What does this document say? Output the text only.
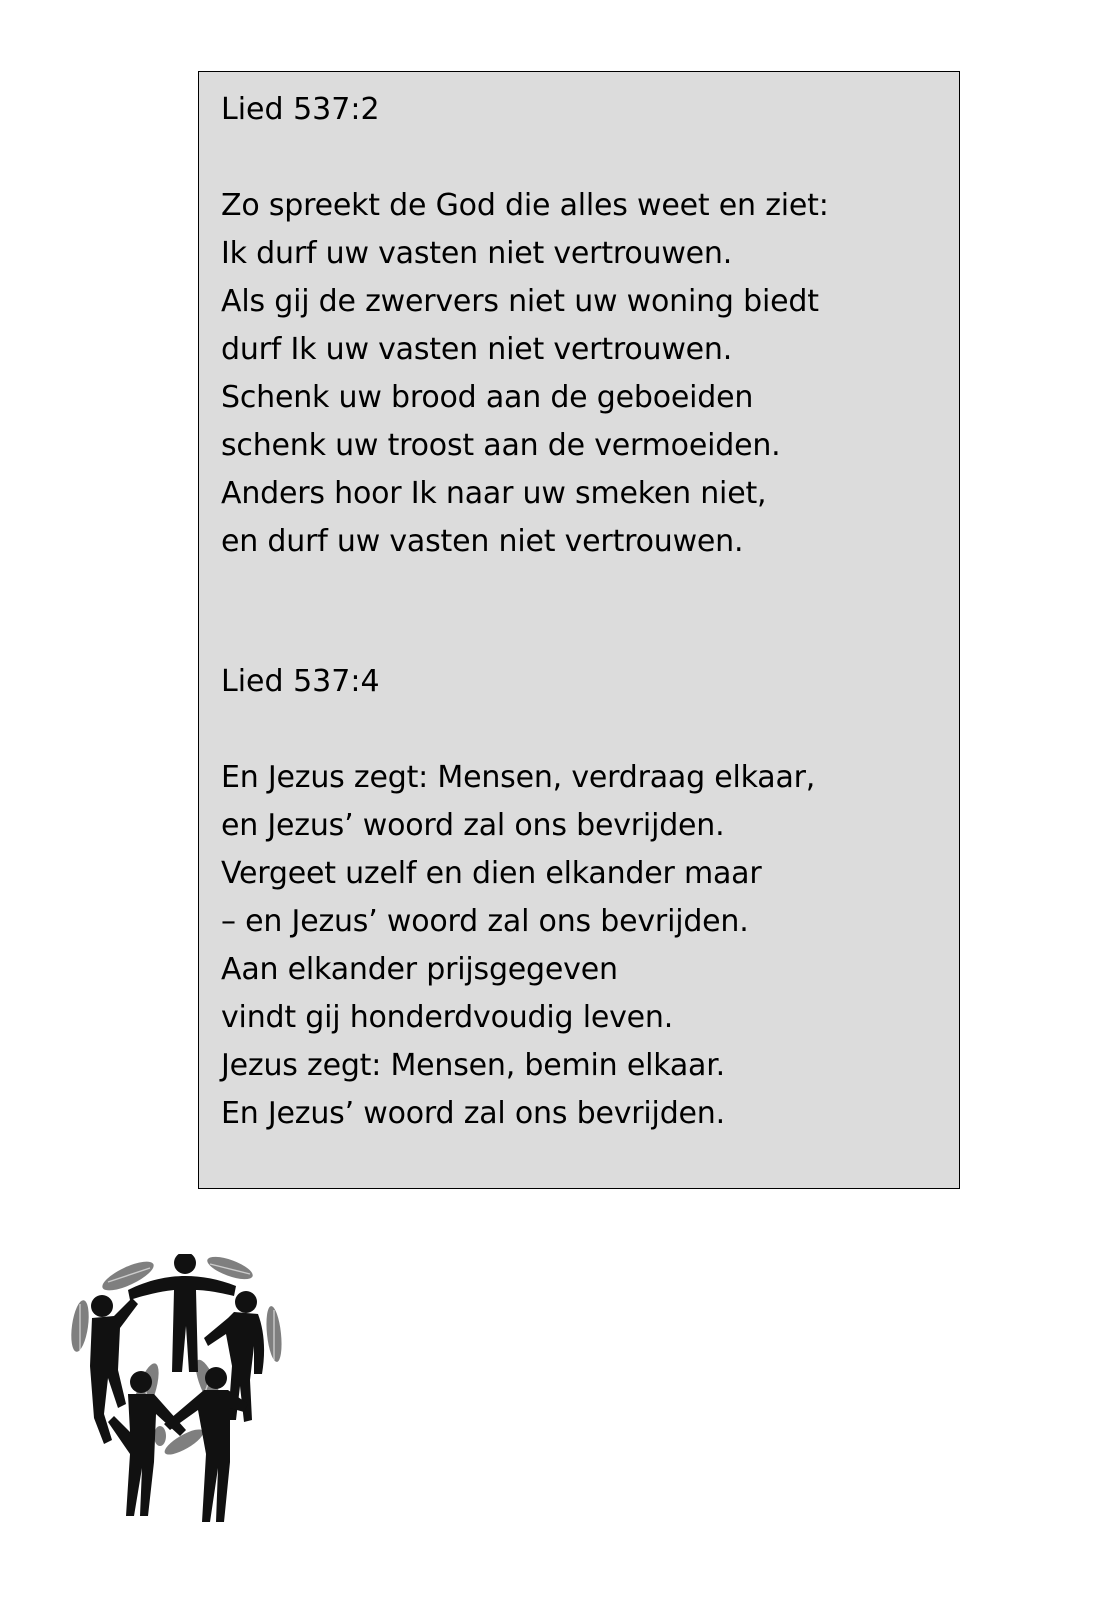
Lied 537:2
Zo spreekt de God die alles weet en ziet:
Ik durf uw vasten niet vertrouwen.
Als gij de zwervers niet uw woning biedt
durf Ik uw vasten niet vertrouwen.
Schenk uw brood aan de geboeiden
schenk uw troost aan de vermoeiden.
Anders hoor Ik naar uw smeken niet,
en durf uw vasten niet vertrouwen.
Lied 537:4
En Jezus zegt: Mensen, verdraag elkaar,
en Jezus’ woord zal ons bevrijden.
Vergeet uzelf en dien elkander maar
– en Jezus’ woord zal ons bevrijden.
Aan elkander prijsgegeven
vindt gij honderdvoudig leven.
Jezus zegt: Mensen, bemin elkaar.
En Jezus’ woord zal ons bevrijden.
